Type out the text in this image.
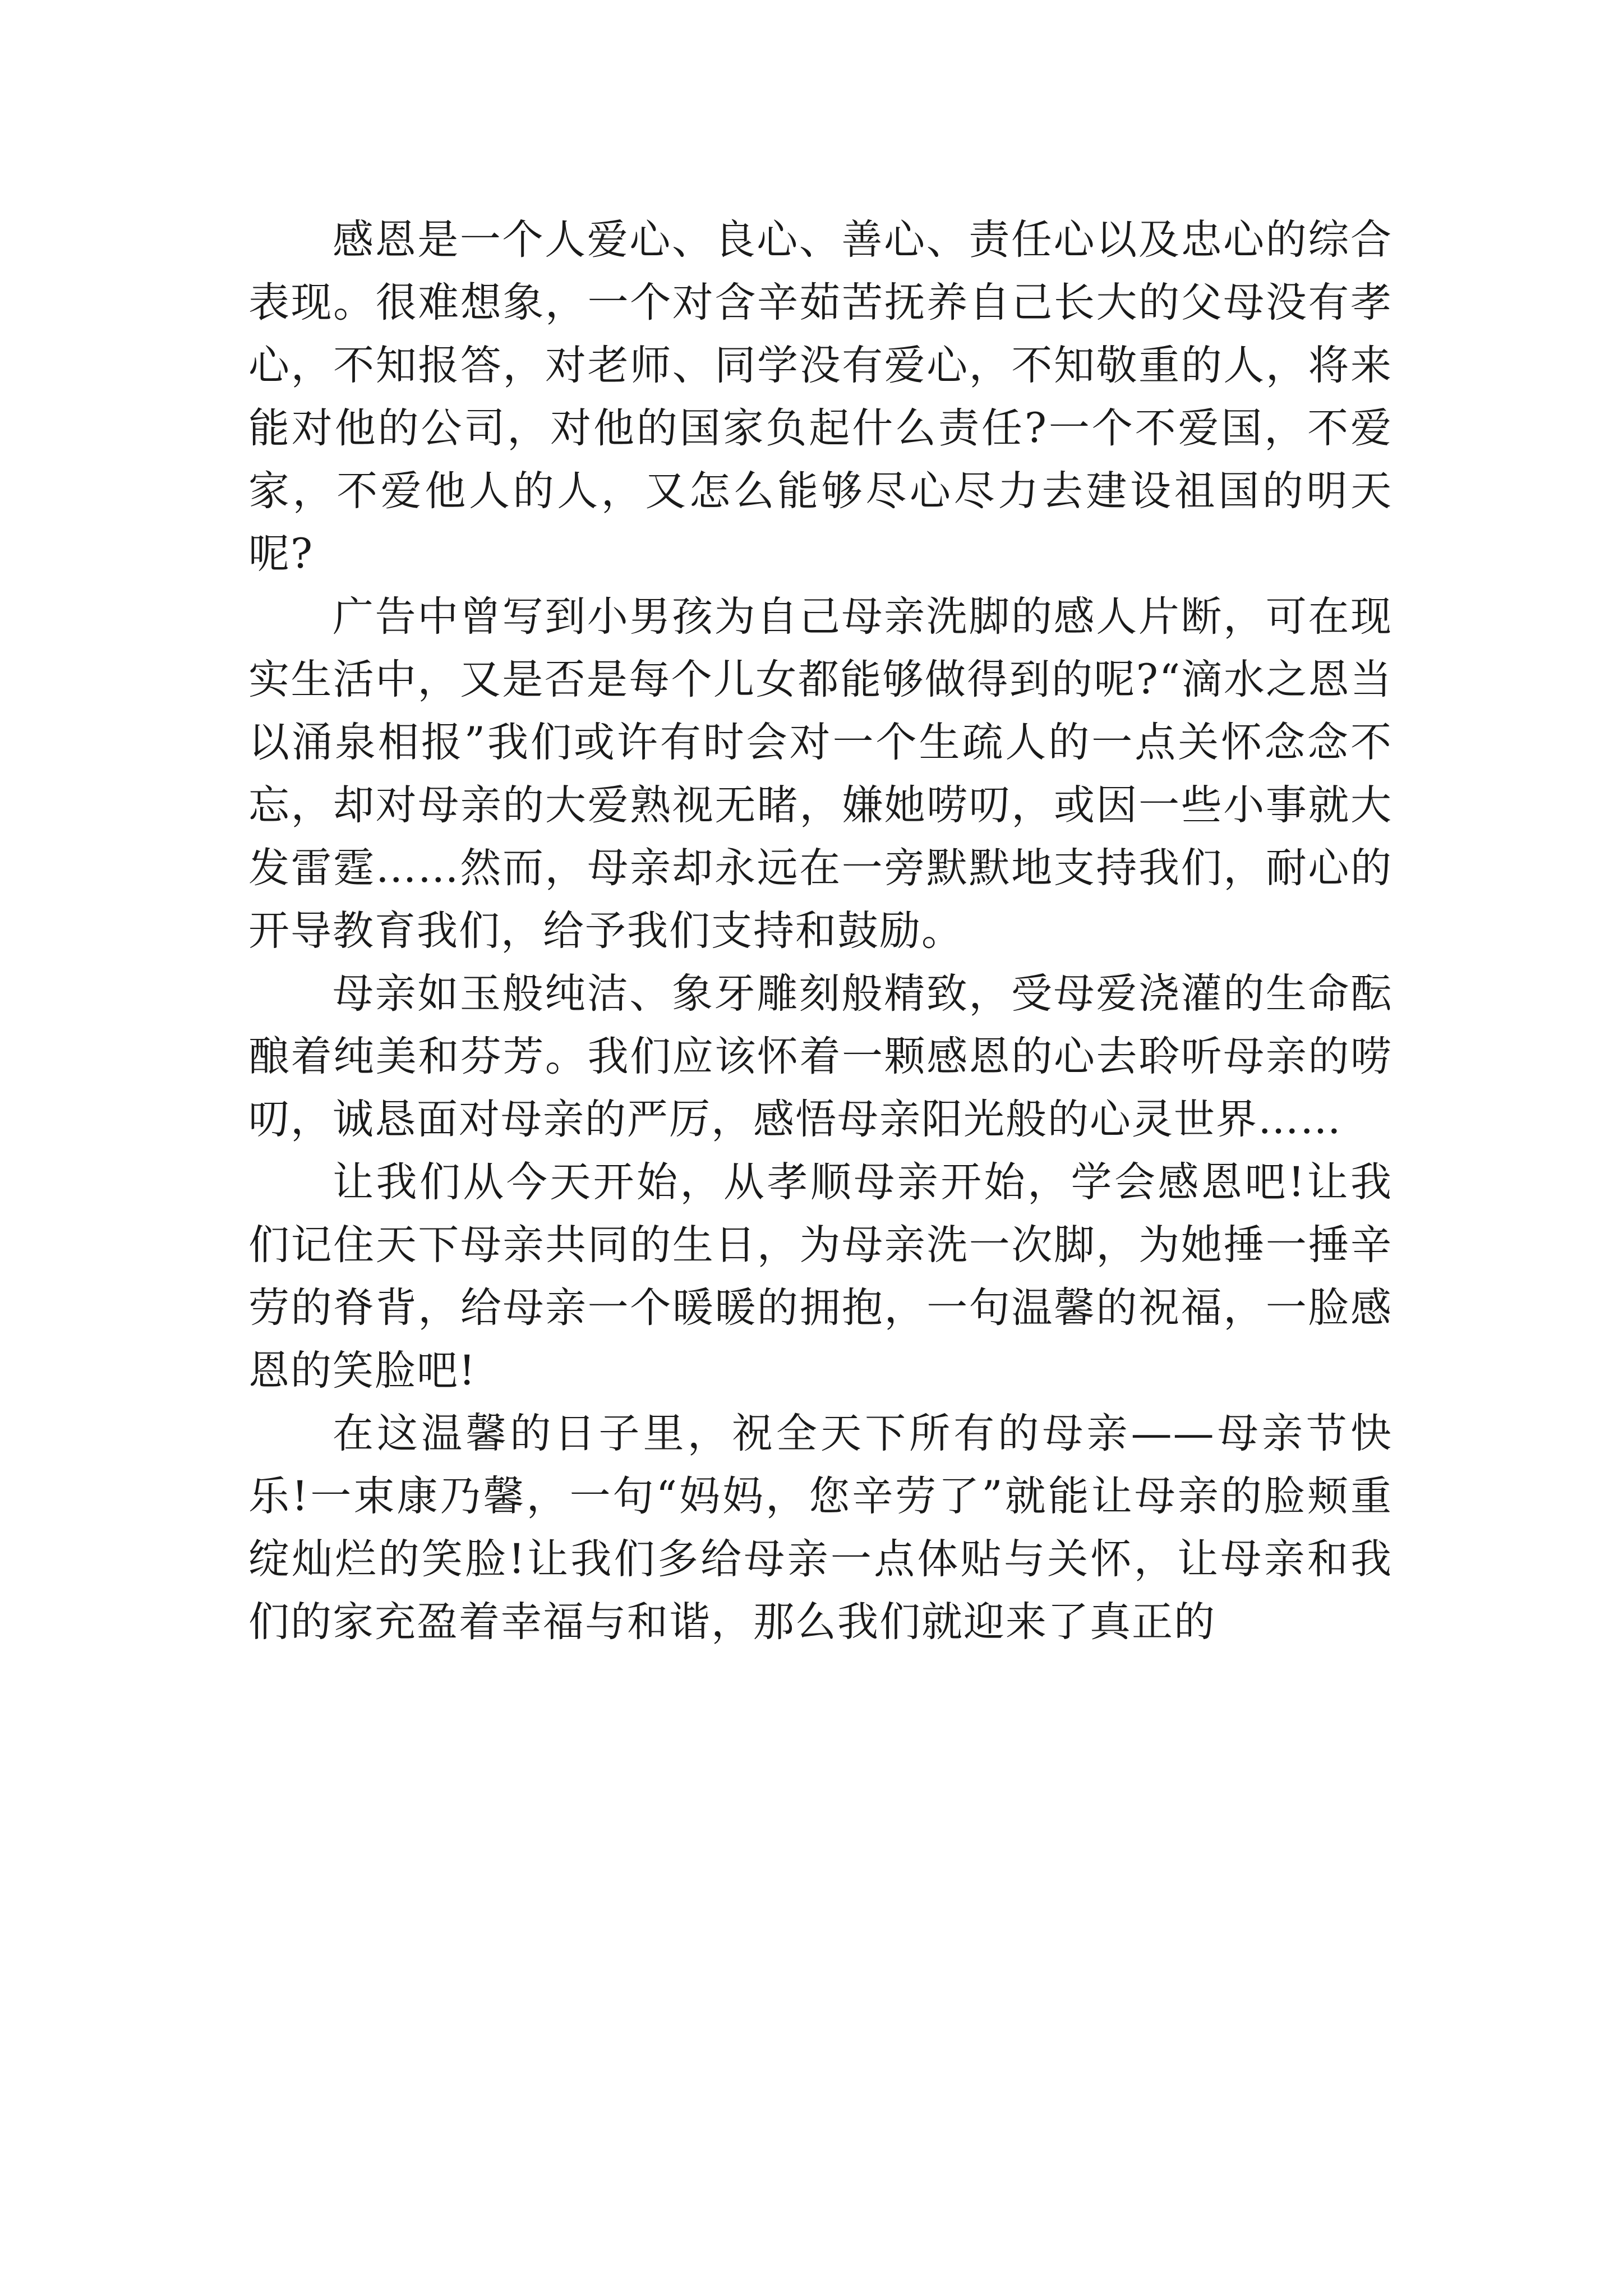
感恩是一个人爱心、良心、善心、责任心以及忠心的综合表现。很难想象，一个对含辛茹苦抚养自己长大的父母没有孝心，不知报答，对老师、同学没有爱心，不知敬重的人，将来能对他的公司，对他的国家负起什么责任?一个不爱国，不爱家，不爱他人的人，又怎么能够尽心尽力去建设祖国的明天呢?

广告中曾写到小男孩为自己母亲洗脚的感人片断，可在现实生活中，又是否是每个儿女都能够做得到的呢?“滴水之恩当以涌泉相报”我们或许有时会对一个生疏人的一点关怀念念不忘，却对母亲的大爱熟视无睹，嫌她唠叨，或因一些小事就大发雷霆……然而，母亲却永远在一旁默默地支持我们，耐心的开导教育我们，给予我们支持和鼓励。

母亲如玉般纯洁、象牙雕刻般精致，受母爱浇灌的生命酝酿着纯美和芬芳。我们应该怀着一颗感恩的心去聆听母亲的唠叨，诚恳面对母亲的严厉，感悟母亲阳光般的心灵世界……

让我们从今天开始，从孝顺母亲开始，学会感恩吧!让我们记住天下母亲共同的生日，为母亲洗一次脚，为她捶一捶辛劳的脊背，给母亲一个暖暖的拥抱，一句温馨的祝福，一脸感恩的笑脸吧!

在这温馨的日子里，祝全天下所有的母亲——母亲节快乐!一束康乃馨，一句“妈妈，您辛劳了”就能让母亲的脸颊重绽灿烂的笑脸!让我们多给母亲一点体贴与关怀，让母亲和我们的家充盈着幸福与和谐，那么我们就迎来了真正的
